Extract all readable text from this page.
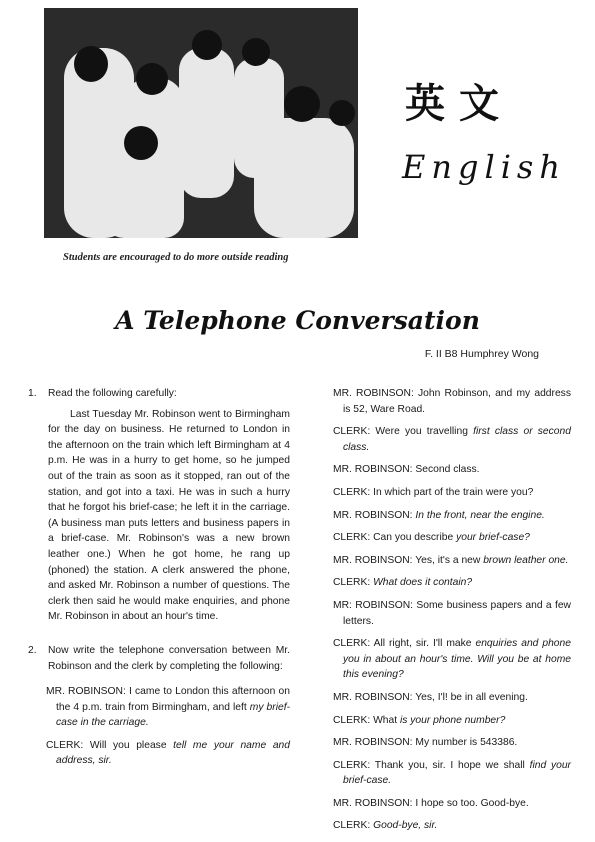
Students are encouraged to do more outside reading
英文
English
A Telephone Conversation
F. II B8 Humphrey Wong
1. Read the following carefully:

Last Tuesday Mr. Robinson went to Birmingham for the day on business. He returned to London in the afternoon on the train which left Birmingham at 4 p.m. He was in a hurry to get home, so he jumped out of the train as soon as it stopped, ran out of the station, and got into a taxi. He was in such a hurry that he forgot his brief-case; he left it in the carriage. (A business man puts letters and business papers in a brief-case. Mr. Robinson's was a new brown leather one.) When he got home, he rang up (phoned) the station. A clerk answered the phone, and asked Mr. Robinson a number of questions. The clerk then said he would make enquiries, and phone Mr. Robinson in about an hour's time.

2. Now write the telephone conversation between Mr. Robinson and the clerk by completing the following:

MR. ROBINSON: I came to London this afternoon on the 4 p.m. train from Birmingham, and left my brief-case in the carriage.

CLERK: Will you please tell me your name and address, sir.

MR. ROBINSON: John Robinson, and my address is 52, Ware Road.

CLERK: Were you travelling first class or second class.

MR. ROBINSON: Second class.

CLERK: In which part of the train were you?

MR. ROBINSON: In the front, near the engine.

CLERK: Can you describe your brief-case?

MR. ROBINSON: Yes, it's a new brown leather one.

CLERK: What does it contain?

MR: ROBINSON: Some business papers and a few letters.

CLERK: All right, sir. I'll make enquiries and phone you in about an hour's time. Will you be at home this evening?

MR. ROBINSON: Yes, I'l! be in all evening.

CLERK: What is your phone number?

MR. ROBINSON: My number is 543386.

CLERK: Thank you, sir. I hope we shall find your brief-case.

MR. ROBINSON: I hope so too. Good-bye.

CLERK: Good-bye, sir.
